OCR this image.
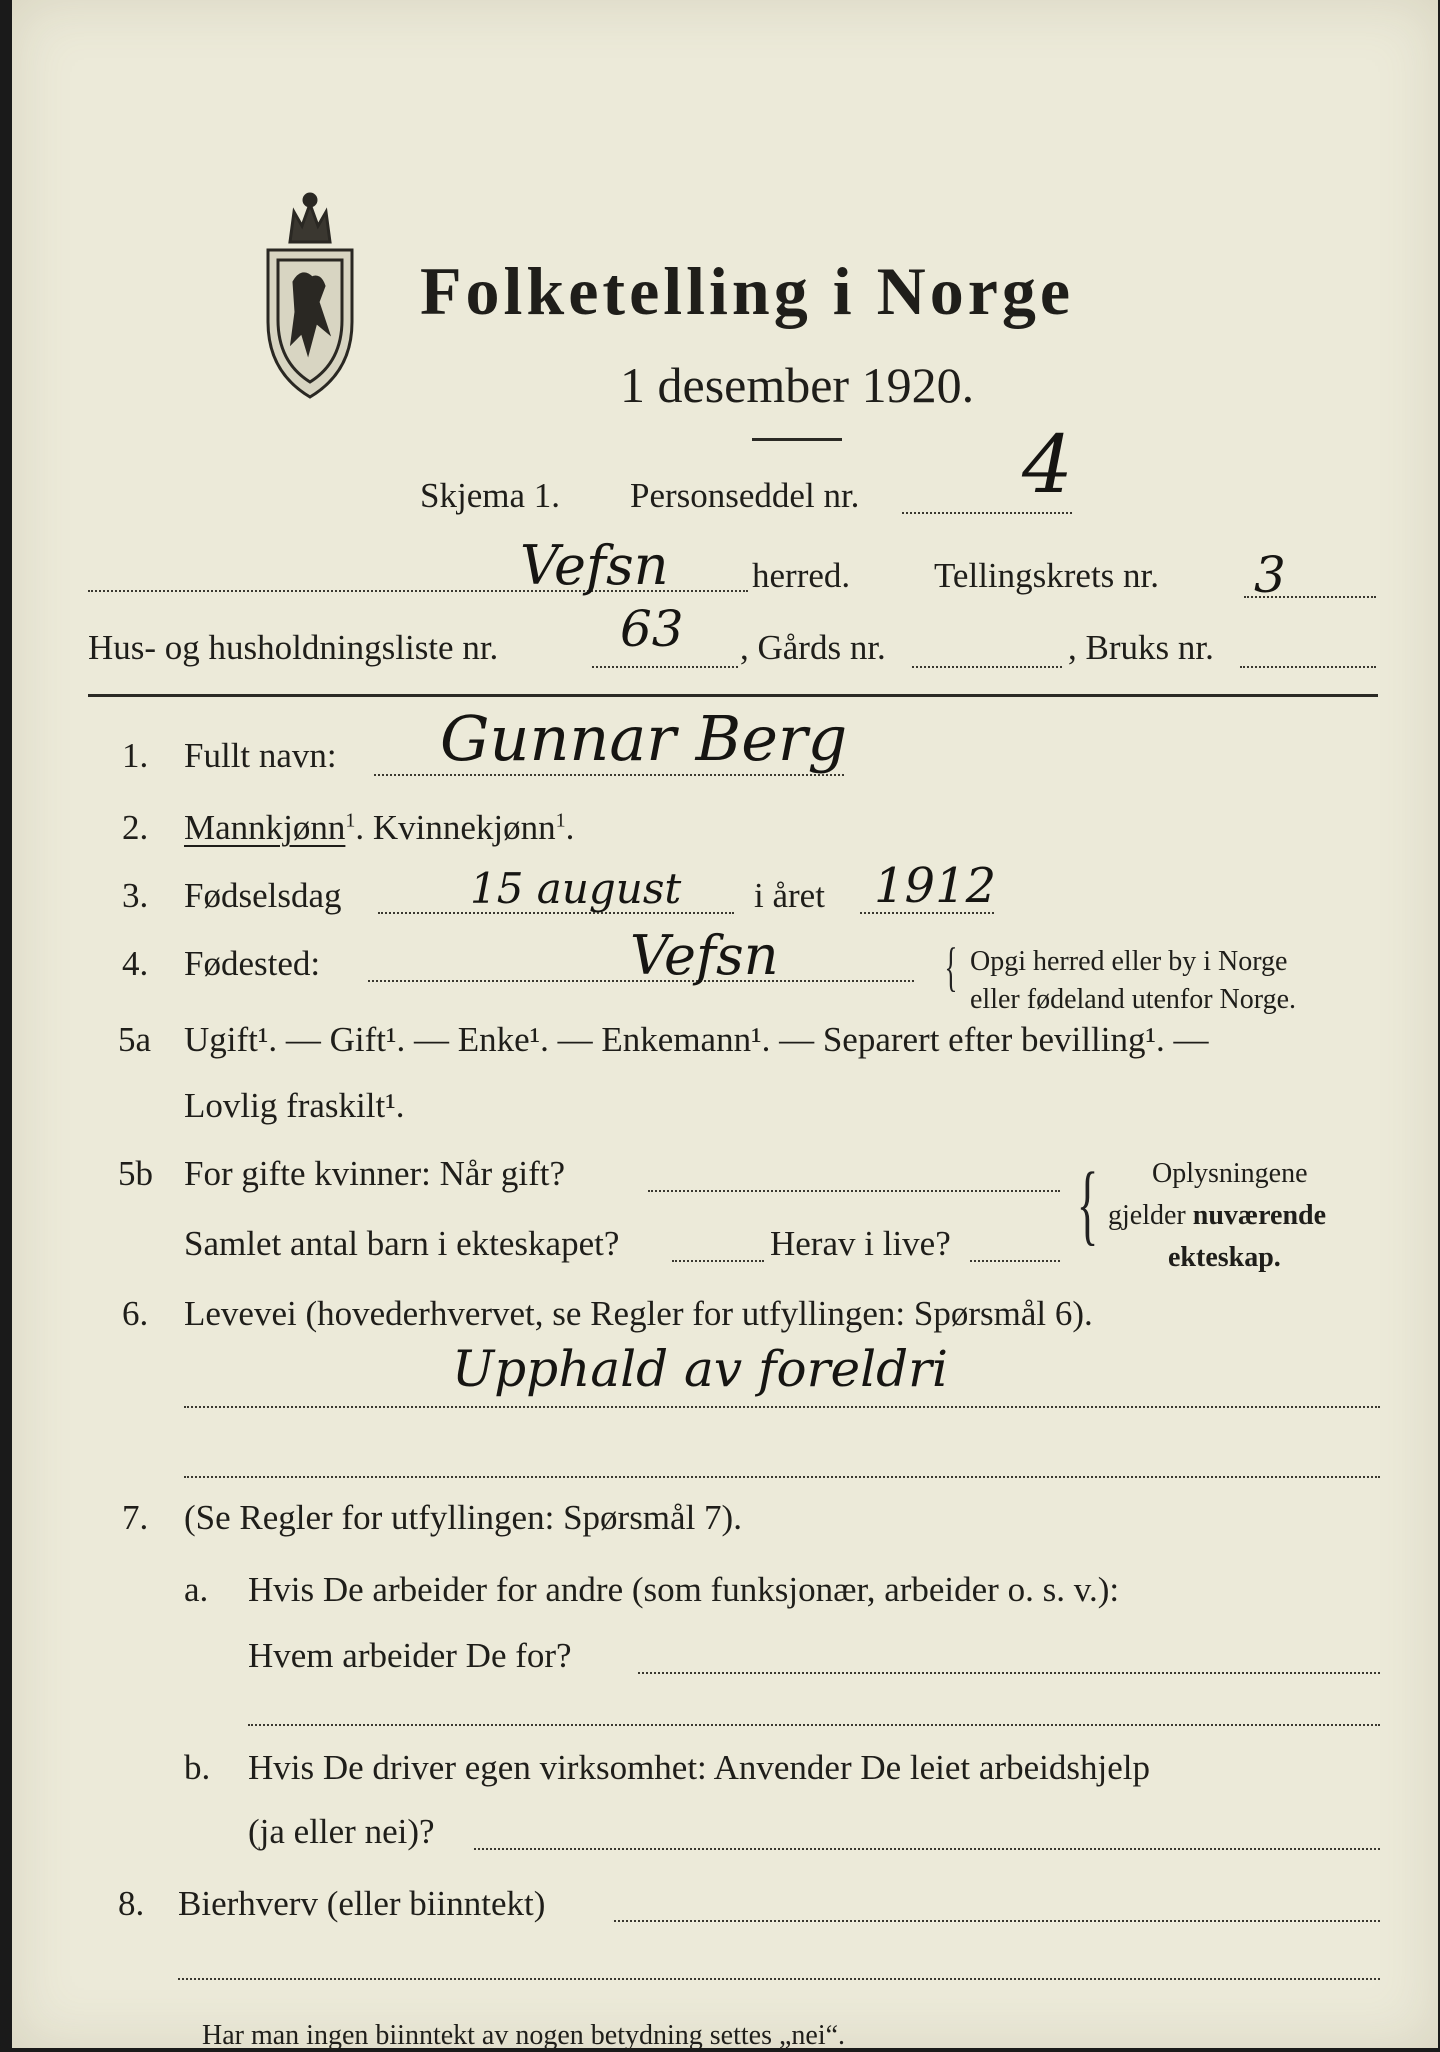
Folketelling i Norge
1 desember 1920.
Skjema 1. Personseddel nr. 4
Vefsn herred. Tellingskrets nr. 3
Hus- og husholdningsliste nr. 63 , Gårds nr.	, Bruks nr.
1. Fullt navn: Gunnar Berg
2. Mannkjønn$^1$. Kvinnekjønn$^1$.
3. Fødselsdag	15 august i året 1912
4. Fødested:	Vefsn	{ Opgi herred eller by i Norge
eller fødeland utenfor Norge.
5a Ugift¹. — Gift¹. — Enke¹. — Enkemann¹. — Separert efter bevilling¹. —
Lovlig fraskilt¹.
5b For gifte kvinner: Når gift?
Samlet antal barn i ekteskapet?	Herav i live? { Oplysningene
gjelder nuværende
ekteskap.
6. Levevei (hovederhvervet, se Regler for utfyllingen: Spørsmål 6).
Upphald av foreldri
7. (Se Regler for utfyllingen: Spørsmål 7).
a. Hvis De arbeider for andre (som funksjonær, arbeider o. s. v.):
Hvem arbeider De for?
b. Hvis De driver egen virksomhet: Anvender De leiet arbeidshjelp
(ja eller nei)?
8. Bierhverv (eller biinntekt)
Har man ingen biinntekt av nogen betydning settes „nei“.
